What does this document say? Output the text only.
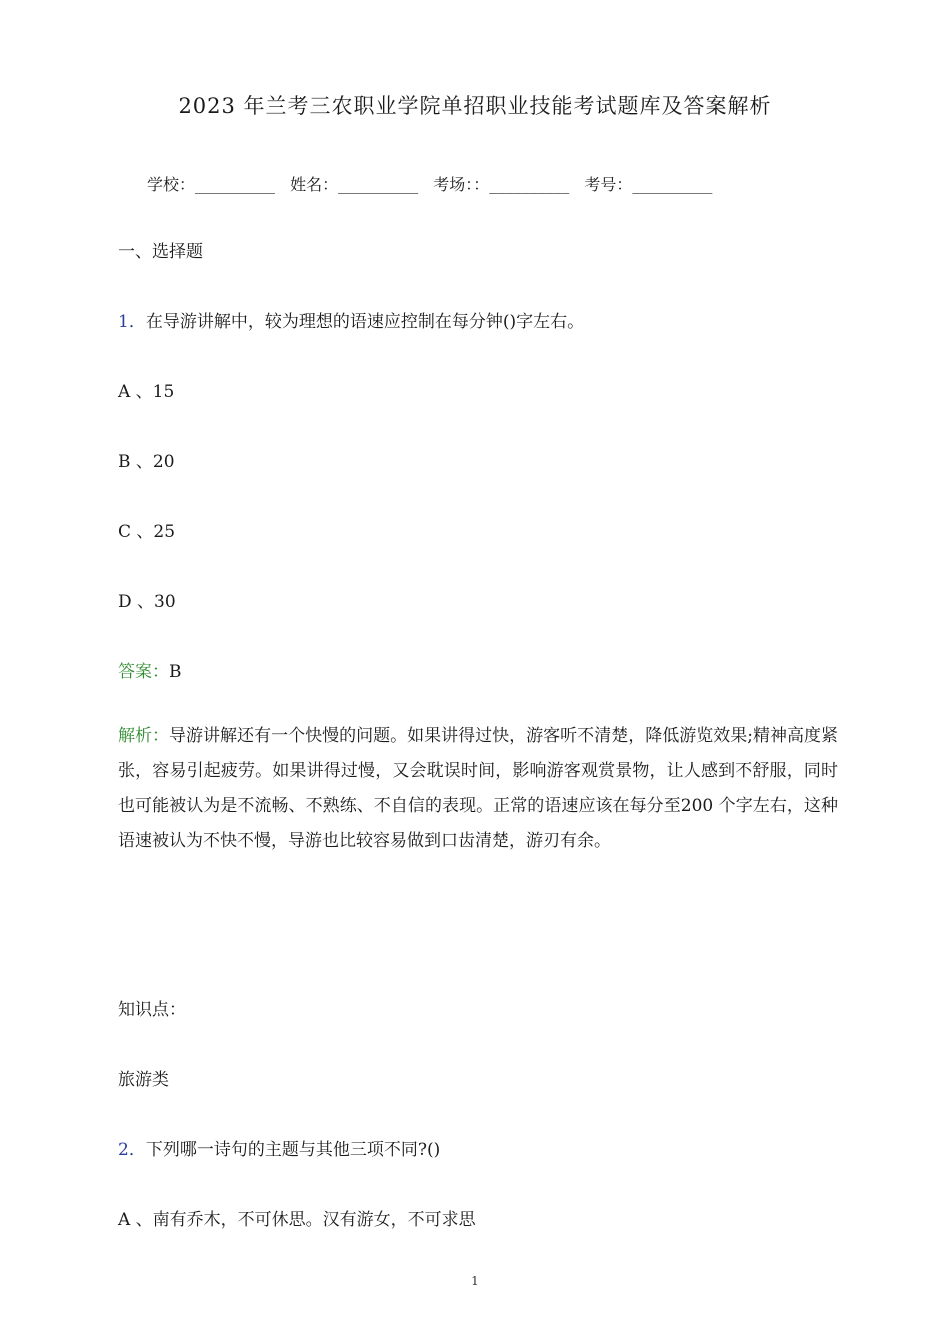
2023 年兰考三农职业学院单招职业技能考试题库及答案解析
学校：__________ 姓名：__________ 考场：：__________ 考号：__________
一、选择题
1．在导游讲解中，较为理想的语速应控制在每分钟()字左右。
A 、15
B 、20
C 、25
D 、30
答案：B
解析：导游讲解还有一个快慢的问题。如果讲得过快，游客听不清楚，降低游览效果;精神高度紧张，容易引起疲劳。如果讲得过慢，又会耽误时间，影响游客观赏景物，让人感到不舒服，同时也可能被认为是不流畅、不熟练、不自信的表现。正常的语速应该在每分至200 个字左右，这种语速被认为不快不慢，导游也比较容易做到口齿清楚，游刃有余。
知识点：
旅游类
2．下列哪一诗句的主题与其他三项不同?()
A 、南有乔木，不可休思。汉有游女，不可求思
1
